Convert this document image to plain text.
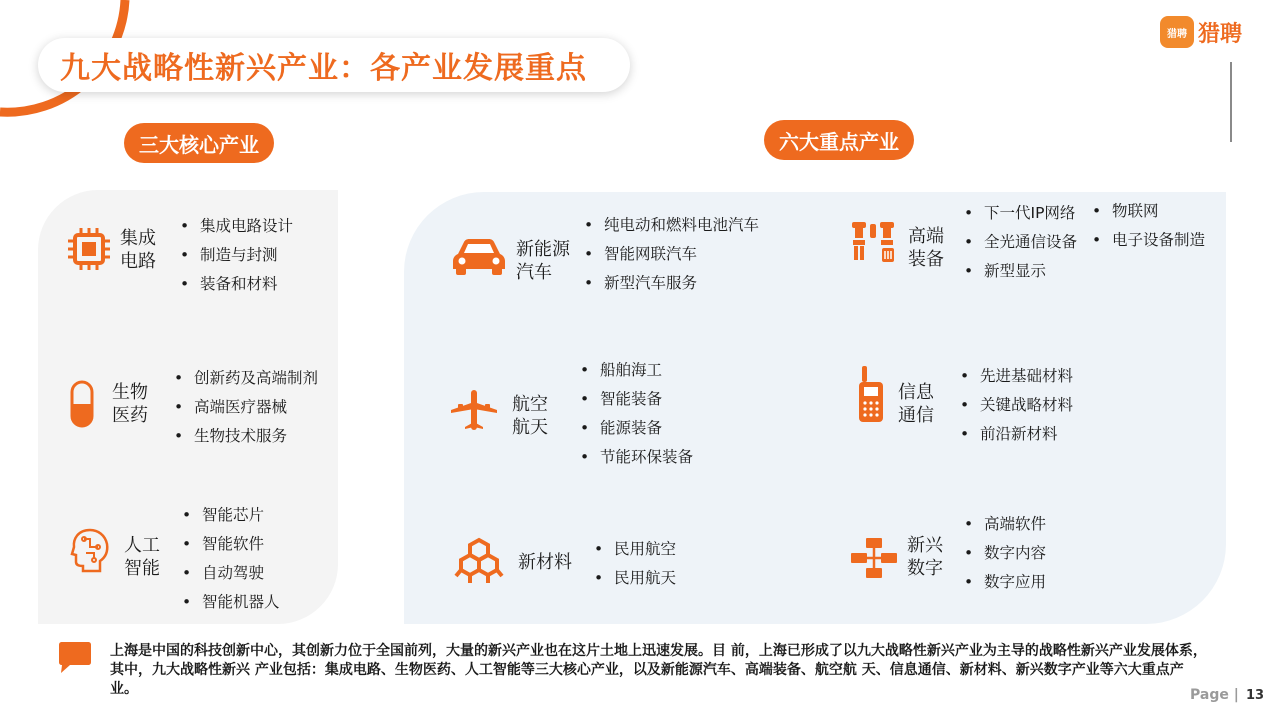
九大战略性新兴产业：各产业发展重点
猎聘 猎聘
三大核心产业	六大重点产业
集成
电路
• 集成电路设计
• 制造与封测
• 装备和材料
生物
医药
• 创新药及高端制剂
• 高端医疗器械
• 生物技术服务
人工
智能
• 智能芯片
• 智能软件
• 自动驾驶
• 智能机器人
新能源
汽车
• 纯电动和燃料电池汽车
• 智能网联汽车
• 新型汽车服务
高端
装备
• 下一代IP网络
• 全光通信设备
• 新型显示
• 物联网
• 电子设备制造
航空
航天
• 船舶海工
• 智能装备
• 能源装备
• 节能环保装备
信息
通信
• 先进基础材料
• 关键战略材料
• 前沿新材料
新材料
• 民用航空
• 民用航天
新兴
数字
• 高端软件
• 数字内容
• 数字应用
上海是中国的科技创新中心，其创新力位于全国前列，大量的新兴产业也在这片土地上迅速发展。目 前，上海已形成了以九大战略性新兴产业为主导的战略性新兴产业发展体系，其中，九大战略性新兴 产业包括：集成电路、生物医药、人工智能等三大核心产业，以及新能源汽车、高端装备、航空航 天、信息通信、新材料、新兴数字产业等六大重点产业。	Page | 13
